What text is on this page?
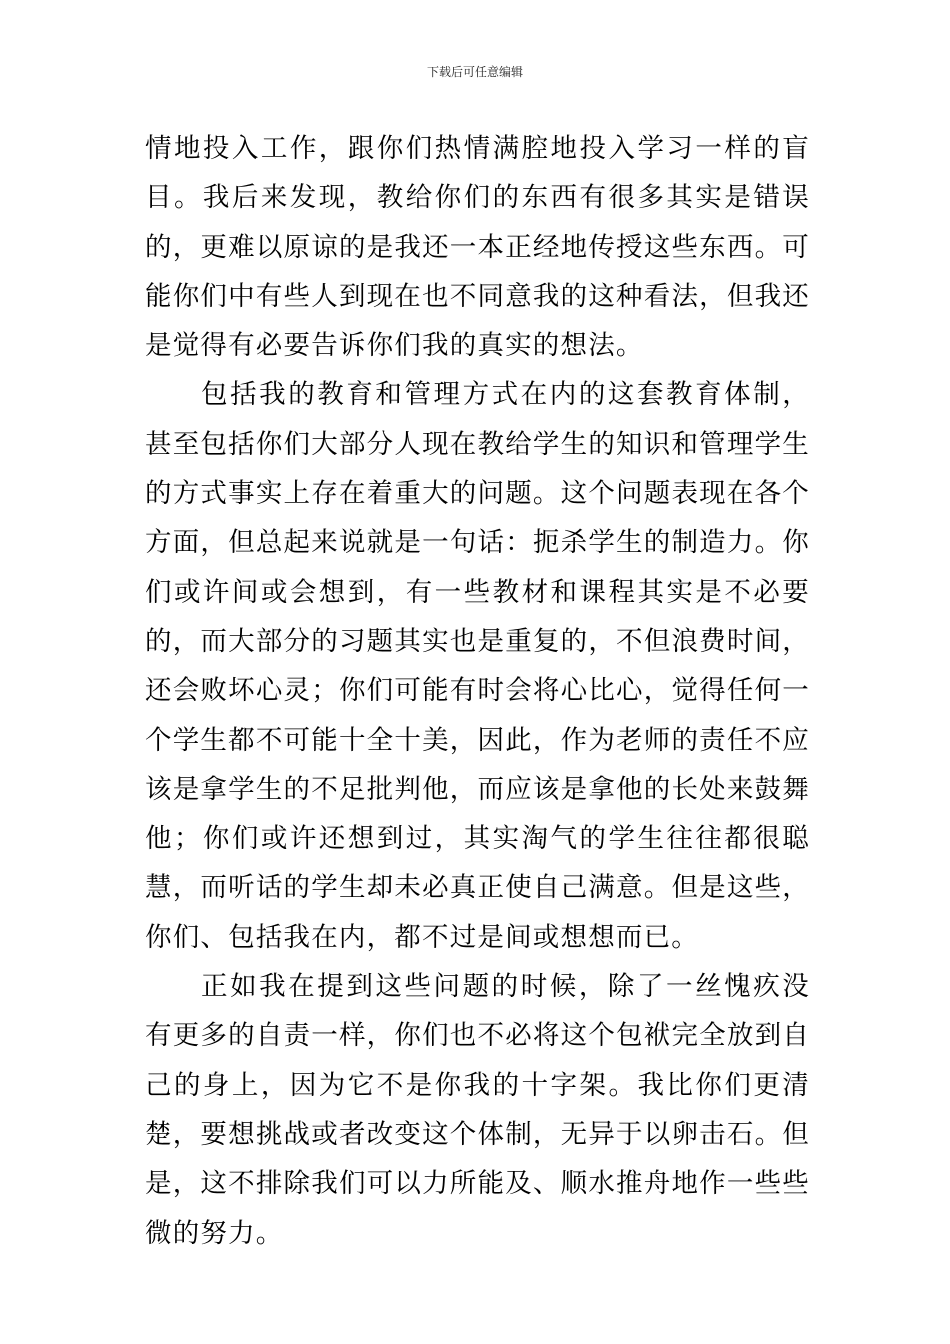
下载后可任意编辑

情地投入工作，跟你们热情满腔地投入学习一样的盲目。我后来发现，教给你们的东西有很多其实是错误的，更难以原谅的是我还一本正经地传授这些东西。可能你们中有些人到现在也不同意我的这种看法，但我还是觉得有必要告诉你们我的真实的想法。

包括我的教育和管理方式在内的这套教育体制，甚至包括你们大部分人现在教给学生的知识和管理学生的方式事实上存在着重大的问题。这个问题表现在各个方面，但总起来说就是一句话：扼杀学生的制造力。你们或许间或会想到，有一些教材和课程其实是不必要的，而大部分的习题其实也是重复的，不但浪费时间，还会败坏心灵；你们可能有时会将心比心，觉得任何一个学生都不可能十全十美，因此，作为老师的责任不应该是拿学生的不足批判他，而应该是拿他的长处来鼓舞他；你们或许还想到过，其实淘气的学生往往都很聪慧，而听话的学生却未必真正使自己满意。但是这些，你们、包括我在内，都不过是间或想想而已。

正如我在提到这些问题的时候，除了一丝愧疚没有更多的自责一样，你们也不必将这个包袱完全放到自己的身上，因为它不是你我的十字架。我比你们更清楚，要想挑战或者改变这个体制，无异于以卵击石。但是，这不排除我们可以力所能及、顺水推舟地作一些些微的努力。
